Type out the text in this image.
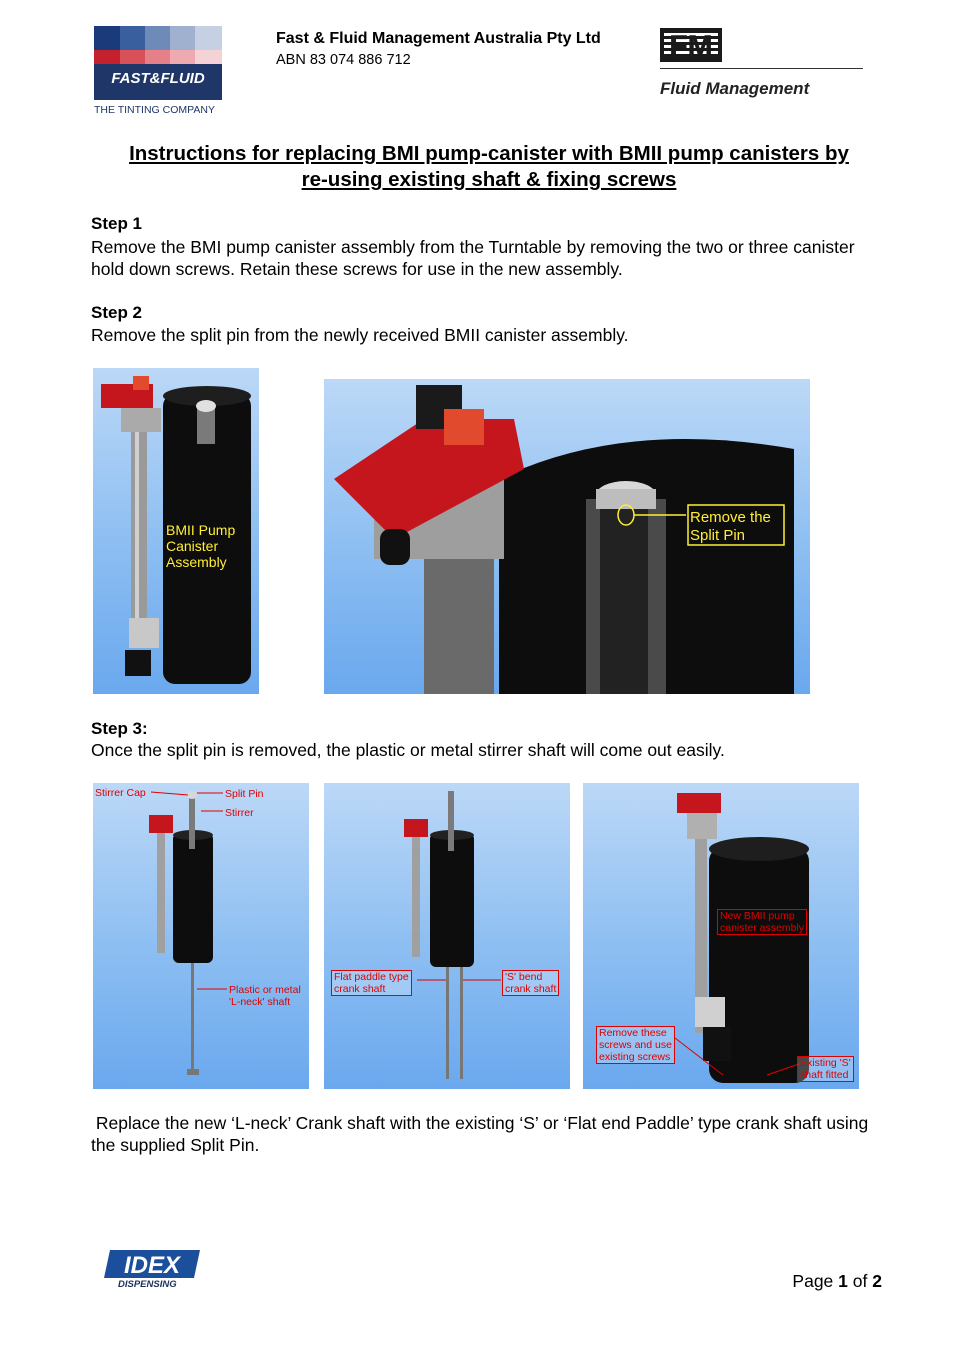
FAST&FLUID
THE TINTING COMPANY
Fast & Fluid Management Australia Pty Ltd
ABN 83 074 886 712	FM
Fluid Management
Instructions for replacing BMI pump-canister with BMII pump canisters by
re-using existing shaft & fixing screws
Step 1
Remove the BMI pump canister assembly from the Turntable by removing the two or three canister hold down screws. Retain these screws for use in the new assembly.
Step 2
Remove the split pin from the newly received BMII canister assembly.
BMII Pump
Canister
Assembly
Remove the
Split Pin
Step 3:
Once the split pin is removed, the plastic or metal stirrer shaft will come out easily.
Stirrer Cap	Split Pin
Stirrer
Plastic or metal
'L-neck' shaft
Flat paddle type
crank shaft
'S' bend
crank shaft
New BMII pump
canister assembly
Remove these
screws and use
existing screws	Existing 'S'
shaft fitted
Replace the new ‘L-neck’ Crank shaft with the existing ‘S’ or ‘Flat end Paddle’ type crank shaft using the supplied Split Pin.
IDEX
DISPENSING	Page 1 of 2
